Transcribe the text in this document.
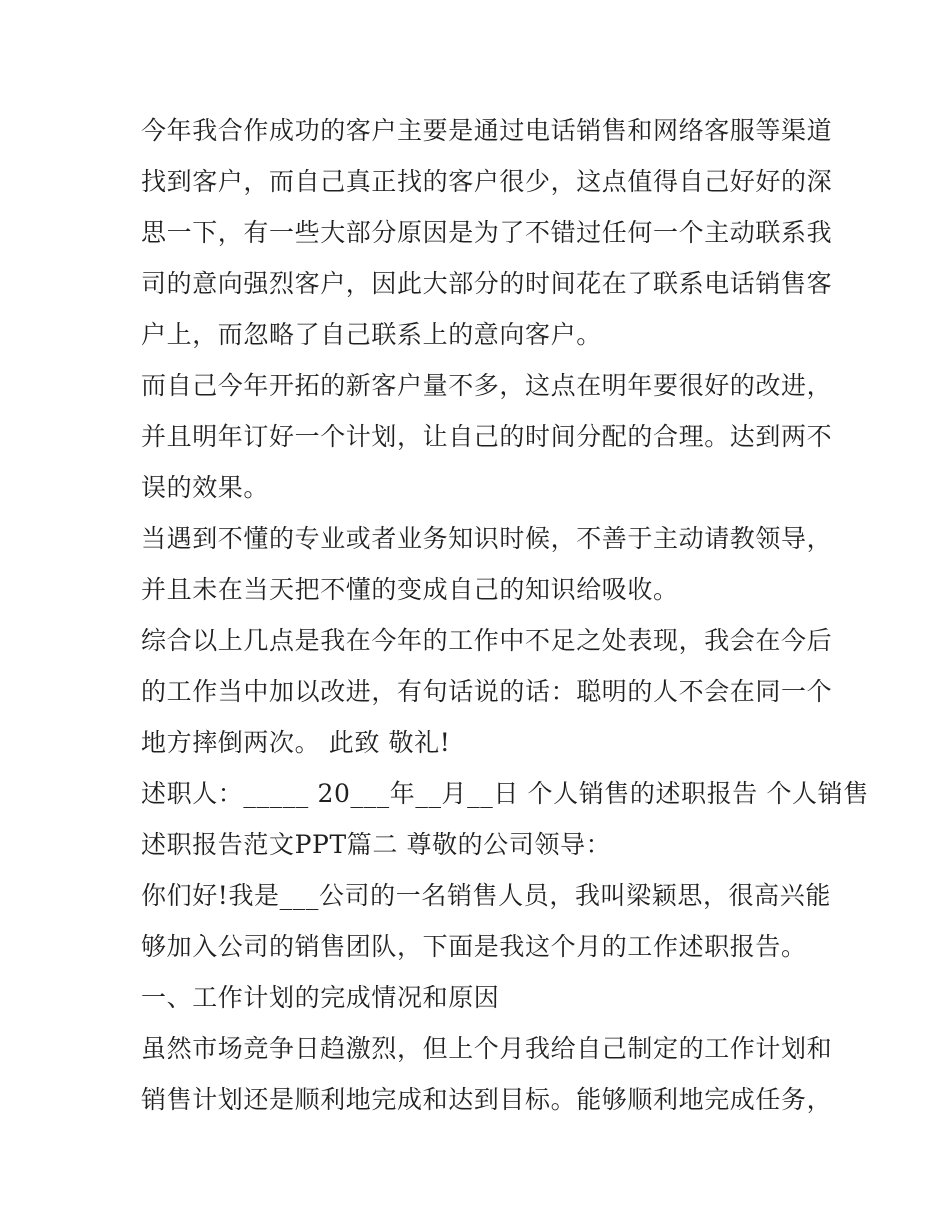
今年我合作成功的客户主要是通过电话销售和网络客服等渠道
找到客户，而自己真正找的客户很少，这点值得自己好好的深
思一下，有一些大部分原因是为了不错过任何一个主动联系我
司的意向强烈客户，因此大部分的时间花在了联系电话销售客
户上，而忽略了自己联系上的意向客户。
而自己今年开拓的新客户量不多，这点在明年要很好的改进，
并且明年订好一个计划，让自己的时间分配的合理。达到两不
误的效果。
当遇到不懂的专业或者业务知识时候，不善于主动请教领导，
并且未在当天把不懂的变成自己的知识给吸收。
综合以上几点是我在今年的工作中不足之处表现，我会在今后
的工作当中加以改进，有句话说的话：聪明的人不会在同一个
地方摔倒两次。 此致 敬礼!
述职人：_____ 20___年__月__日 个人销售的述职报告 个人销售
述职报告范文PPT篇二 尊敬的公司领导：
你们好!我是___公司的一名销售人员，我叫梁颖思，很高兴能
够加入公司的销售团队，下面是我这个月的工作述职报告。
一、工作计划的完成情况和原因
虽然市场竞争日趋激烈，但上个月我给自己制定的工作计划和
销售计划还是顺利地完成和达到目标。能够顺利地完成任务，
